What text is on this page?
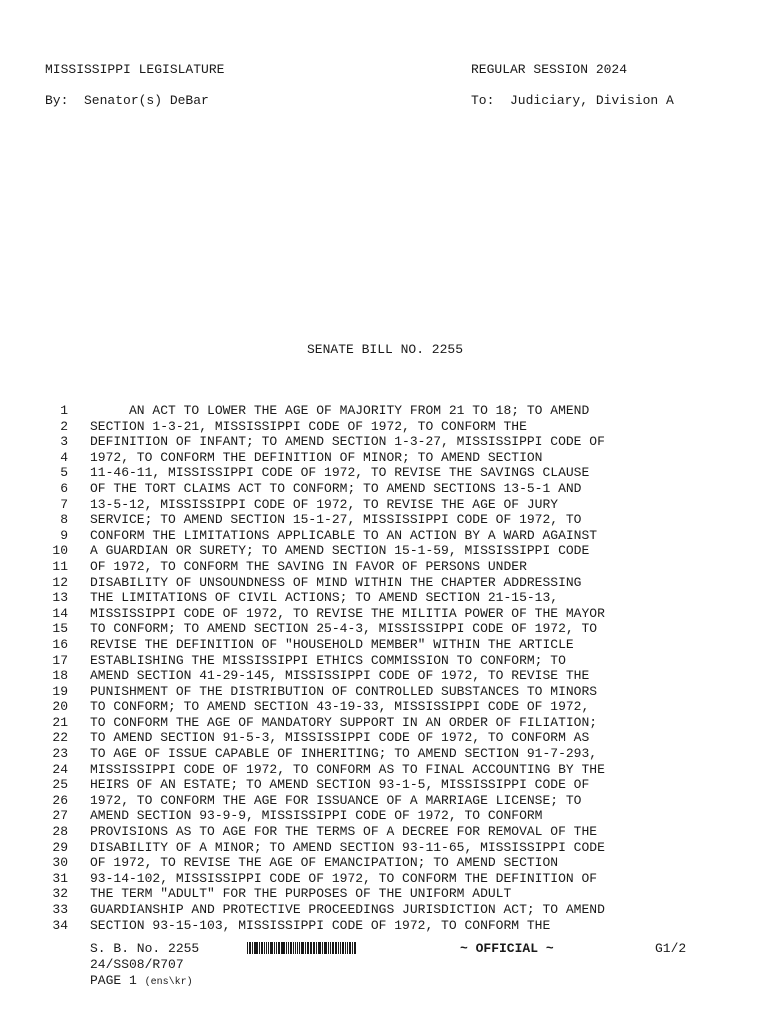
MISSISSIPPI LEGISLATURE	REGULAR SESSION 2024
By:  Senator(s) DeBar	To:  Judiciary, Division A
SENATE BILL NO. 2255
1 AN ACT TO LOWER THE AGE OF MAJORITY FROM 21 TO 18; TO AMEND
2 SECTION 1-3-21, MISSISSIPPI CODE OF 1972, TO CONFORM THE
3 DEFINITION OF INFANT; TO AMEND SECTION 1-3-27, MISSISSIPPI CODE OF
4 1972, TO CONFORM THE DEFINITION OF MINOR; TO AMEND SECTION
5 11-46-11, MISSISSIPPI CODE OF 1972, TO REVISE THE SAVINGS CLAUSE
6 OF THE TORT CLAIMS ACT TO CONFORM; TO AMEND SECTIONS 13-5-1 AND
7 13-5-12, MISSISSIPPI CODE OF 1972, TO REVISE THE AGE OF JURY
8 SERVICE; TO AMEND SECTION 15-1-27, MISSISSIPPI CODE OF 1972, TO
9 CONFORM THE LIMITATIONS APPLICABLE TO AN ACTION BY A WARD AGAINST
10 A GUARDIAN OR SURETY; TO AMEND SECTION 15-1-59, MISSISSIPPI CODE
11 OF 1972, TO CONFORM THE SAVING IN FAVOR OF PERSONS UNDER
12 DISABILITY OF UNSOUNDNESS OF MIND WITHIN THE CHAPTER ADDRESSING
13 THE LIMITATIONS OF CIVIL ACTIONS; TO AMEND SECTION 21-15-13,
14 MISSISSIPPI CODE OF 1972, TO REVISE THE MILITIA POWER OF THE MAYOR
15 TO CONFORM; TO AMEND SECTION 25-4-3, MISSISSIPPI CODE OF 1972, TO
16 REVISE THE DEFINITION OF "HOUSEHOLD MEMBER" WITHIN THE ARTICLE
17 ESTABLISHING THE MISSISSIPPI ETHICS COMMISSION TO CONFORM; TO
18 AMEND SECTION 41-29-145, MISSISSIPPI CODE OF 1972, TO REVISE THE
19 PUNISHMENT OF THE DISTRIBUTION OF CONTROLLED SUBSTANCES TO MINORS
20 TO CONFORM; TO AMEND SECTION 43-19-33, MISSISSIPPI CODE OF 1972,
21 TO CONFORM THE AGE OF MANDATORY SUPPORT IN AN ORDER OF FILIATION;
22 TO AMEND SECTION 91-5-3, MISSISSIPPI CODE OF 1972, TO CONFORM AS
23 TO AGE OF ISSUE CAPABLE OF INHERITING; TO AMEND SECTION 91-7-293,
24 MISSISSIPPI CODE OF 1972, TO CONFORM AS TO FINAL ACCOUNTING BY THE
25 HEIRS OF AN ESTATE; TO AMEND SECTION 93-1-5, MISSISSIPPI CODE OF
26 1972, TO CONFORM THE AGE FOR ISSUANCE OF A MARRIAGE LICENSE; TO
27 AMEND SECTION 93-9-9, MISSISSIPPI CODE OF 1972, TO CONFORM
28 PROVISIONS AS TO AGE FOR THE TERMS OF A DECREE FOR REMOVAL OF THE
29 DISABILITY OF A MINOR; TO AMEND SECTION 93-11-65, MISSISSIPPI CODE
30 OF 1972, TO REVISE THE AGE OF EMANCIPATION; TO AMEND SECTION
31 93-14-102, MISSISSIPPI CODE OF 1972, TO CONFORM THE DEFINITION OF
32 THE TERM "ADULT" FOR THE PURPOSES OF THE UNIFORM ADULT
33 GUARDIANSHIP AND PROTECTIVE PROCEEDINGS JURISDICTION ACT; TO AMEND
34 SECTION 93-15-103, MISSISSIPPI CODE OF 1972, TO CONFORM THE
S. B. No. 2255	~ OFFICIAL ~	G1/2
24/SS08/R707
PAGE 1 (ens\kr)
